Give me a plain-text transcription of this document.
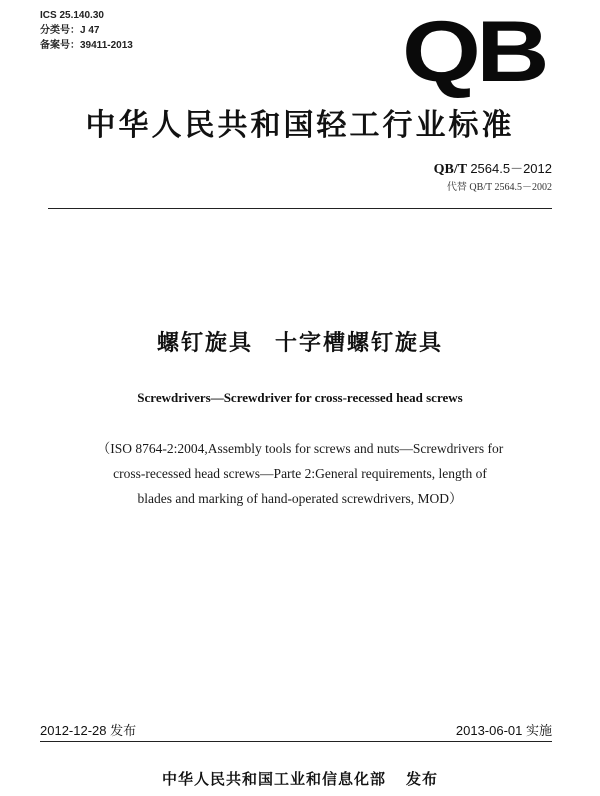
ICS 25.140.30
分类号：J 47
备案号：39411-2013	QB
中华人民共和国轻工行业标准
QB/T 2564.5－2012
代替 QB/T 2564.5－2002
螺钉旋具 十字槽螺钉旋具
Screwdrivers—Screwdriver for cross-recessed head screws
（ISO 8764-2:2004,Assembly tools for screws and nuts—Screwdrivers for
cross-recessed head screws—Parte 2:General requirements, length of
blades and marking of hand-operated screwdrivers, MOD）
2012-12-28 发布	2013-06-01 实施
中华人民共和国工业和信息化部 发布
